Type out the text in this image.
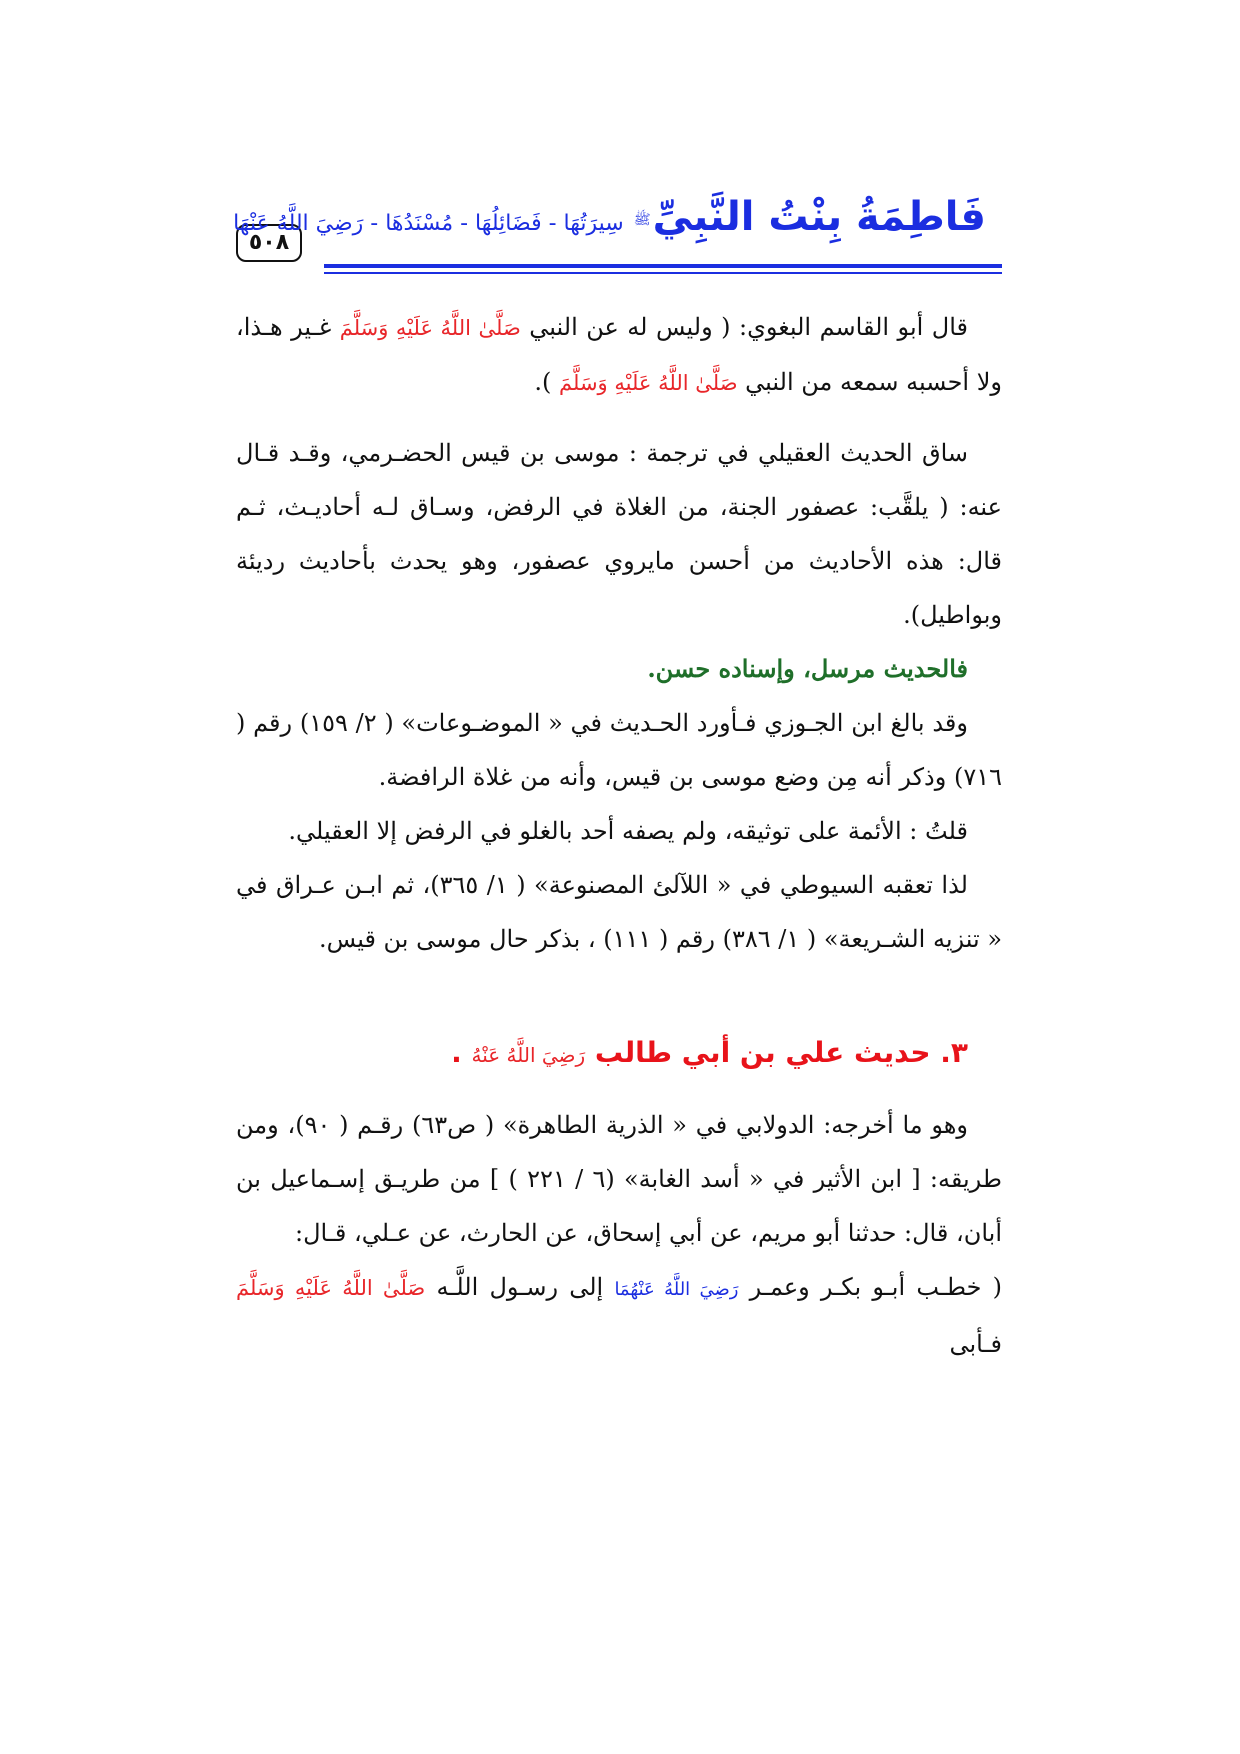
٥٠٨
فَاطِمَةُ بِنْتُ النَّبِيِّﷺسِيرَتُهَا - فَضَائِلُهَا - مُسْنَدُهَا - رَضِيَ اللَّهُ عَنْهَا

قال أبو القاسم البغوي: ( وليس له عن النبي صَلَّىٰ اللَّهُ عَلَيْهِ وَسَلَّمَ غـير هـذا، ولا أحسبه سمعه من النبي صَلَّىٰ اللَّهُ عَلَيْهِ وَسَلَّمَ ).

ساق الحديث العقيلي في ترجمة : موسى بن قيس الحضـرمي، وقـد قـال عنه: ( يلقَّب: عصفور الجنة، من الغلاة في الرفض، وسـاق لـه أحاديـث، ثـم قال: هذه الأحاديث من أحسن مايروي عصفور، وهو يحدث بأحاديث رديئة وبواطيل).

فالحديث مرسل، وإسناده حسن.

وقد بالغ ابن الجـوزي فـأورد الحـديث في « الموضـوعات» ( ٢/ ١٥٩) رقم ( ٧١٦) وذكر أنه مِن وضع موسى بن قيس، وأنه من غلاة الرافضة.

قلتُ : الأئمة على توثيقه، ولم يصفه أحد بالغلو في الرفض إلا العقيلي.

لذا تعقبه السيوطي في « اللآلئ المصنوعة» ( ١/ ٣٦٥)، ثم ابـن عـراق في « تنزيه الشـريعة» ( ١/ ٣٨٦) رقم ( ١١١) ، بذكر حال موسى بن قيس.

٣. حديث علي بن أبي طالب رَضِيَ اللَّهُ عَنْهُ .

وهو ما أخرجه: الدولابي في « الذرية الطاهرة» ( ص٦٣) رقـم ( ٩٠)، ومن طريقه: [ ابن الأثير في « أسد الغابة» (٦ / ٢٢١ ) ] من طريـق إسـماعيل بن أبان، قال: حدثنا أبو مريم، عن أبي إسحاق، عن الحارث، عن عـلي، قـال:

( خطـب أبـو بكـر وعمـر رَضِيَ اللَّهُ عَنْهُمَا إلى رسـول اللَّـه صَلَّىٰ اللَّهُ عَلَيْهِ وَسَلَّمَ فـأبى
